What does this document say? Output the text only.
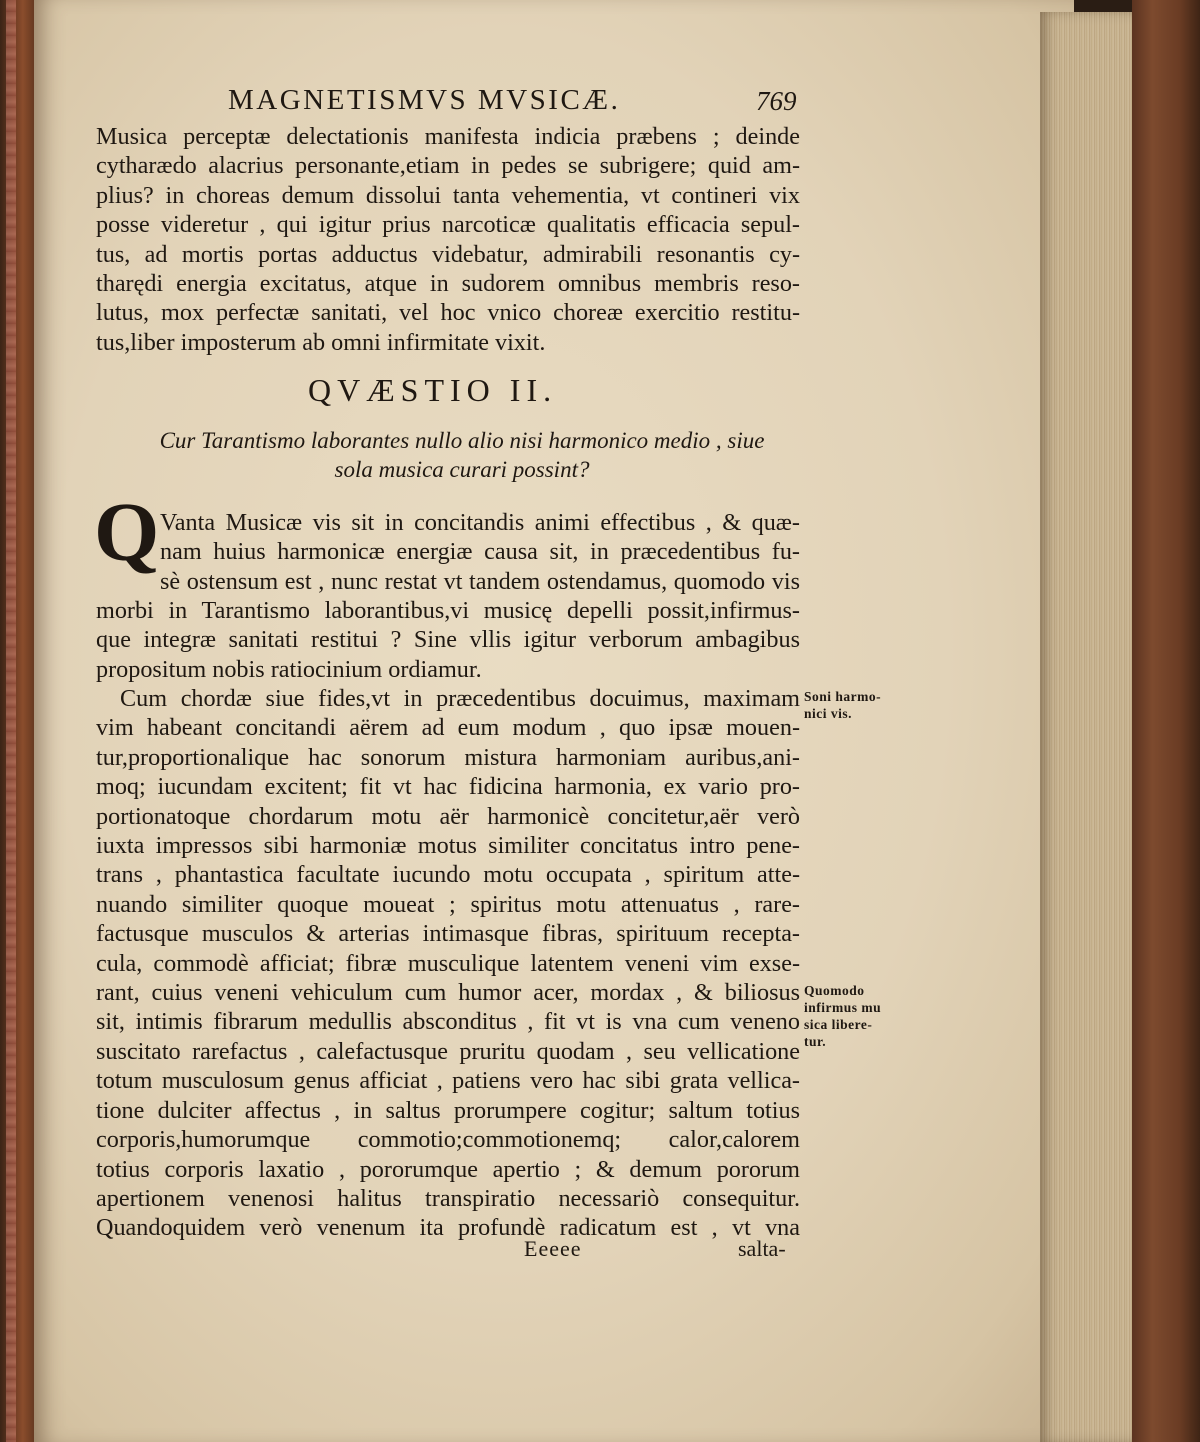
MAGNETISMVS MVSICÆ.	769
Musica perceptæ delectationis manifesta indicia præbens ; deinde
cytharædo alacrius personante,etiam in pedes se subrigere; quid am-
plius? in choreas demum dissolui tanta vehementia, vt contineri vix
posse videretur , qui igitur prius narcoticæ qualitatis efficacia sepul-
tus, ad mortis portas adductus videbatur, admirabili resonantis cy-
tharędi energia excitatus, atque in sudorem omnibus membris reso-
lutus, mox perfectæ sanitati, vel hoc vnico choreæ exercitio restitu-
tus,liber imposterum ab omni infirmitate vixit.
QVÆSTIO II.
Cur Tarantismo laborantes nullo alio nisi harmonico medio , siue
sola musica curari possint?
Q Vanta Musicæ vis sit in concitandis animi effectibus , & quæ-
nam huius harmonicæ energiæ causa sit, in præcedentibus fu-
sè ostensum est , nunc restat vt tandem ostendamus, quomodo vis
morbi in Tarantismo laborantibus,vi musicę depelli possit,infirmus-
que integræ sanitati restitui ? Sine vllis igitur verborum ambagibus
propositum nobis ratiocinium ordiamur.
Cum chordæ siue fides,vt in præcedentibus docuimus, maximam
vim habeant concitandi aërem ad eum modum , quo ipsæ mouen-
tur,proportionalique hac sonorum mistura harmoniam auribus,ani-
moq; iucundam excitent; fit vt hac fidicina harmonia, ex vario pro-
portionatoque chordarum motu aër harmonicè concitetur,aër verò
iuxta impressos sibi harmoniæ motus similiter concitatus intro pene-
trans , phantastica facultate iucundo motu occupata , spiritum atte-
nuando similiter quoque moueat ; spiritus motu attenuatus , rare-
factusque musculos & arterias intimasque fibras, spirituum recepta-
cula, commodè afficiat; fibræ musculique latentem veneni vim exse-
rant, cuius veneni vehiculum cum humor acer, mordax , & biliosus
sit, intimis fibrarum medullis absconditus , fit vt is vna cum veneno
suscitato rarefactus , calefactusque pruritu quodam , seu vellicatione
totum musculosum genus afficiat , patiens vero hac sibi grata vellica-
tione dulciter affectus , in saltus prorumpere cogitur; saltum totius
corporis,humorumque commotio;commotionemq; calor,calorem
totius corporis laxatio , pororumque apertio ; & demum pororum
apertionem venenosi halitus transpiratio necessariò consequitur.
Quandoquidem verò venenum ita profundè radicatum est , vt vna
Soni harmo-
nici vis.
Quomodo
infirmus mu
sica libere-
tur.
Eeeee	salta-
